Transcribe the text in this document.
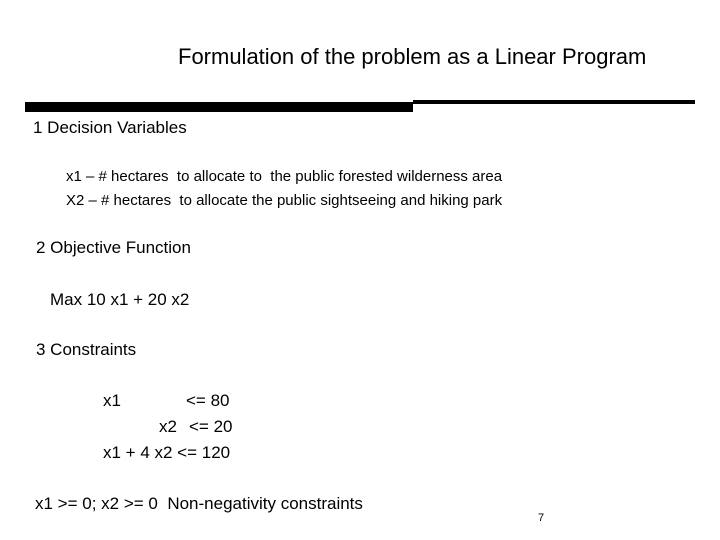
Formulation of the problem as a Linear Program
1 Decision Variables
x1 – # hectares  to allocate to  the public forested wilderness area
X2 – # hectares  to allocate the public sightseeing and hiking park
2 Objective Function
Max 10 x1 + 20 x2
3 Constraints
x1	<= 80
x2 <= 20
x1 + 4 x2 <= 120
x1 >= 0; x2 >= 0  Non-negativity constraints
7
